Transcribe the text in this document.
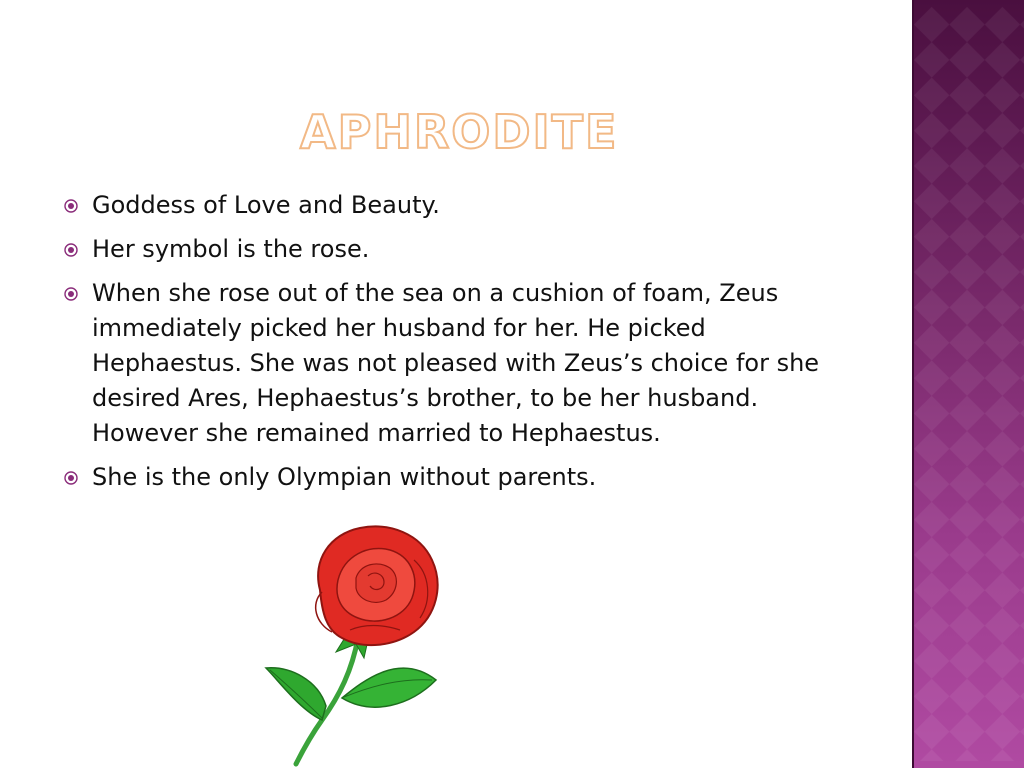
APHRODITE
Goddess of Love and Beauty.
Her symbol is the rose.
When she rose out of the sea on a cushion of foam, Zeus immediately picked her husband for her. He picked Hephaestus. She was not pleased with Zeus’s choice for she desired Ares, Hephaestus’s brother, to be her husband. However she remained married to Hephaestus.
She is the only Olympian without parents.
